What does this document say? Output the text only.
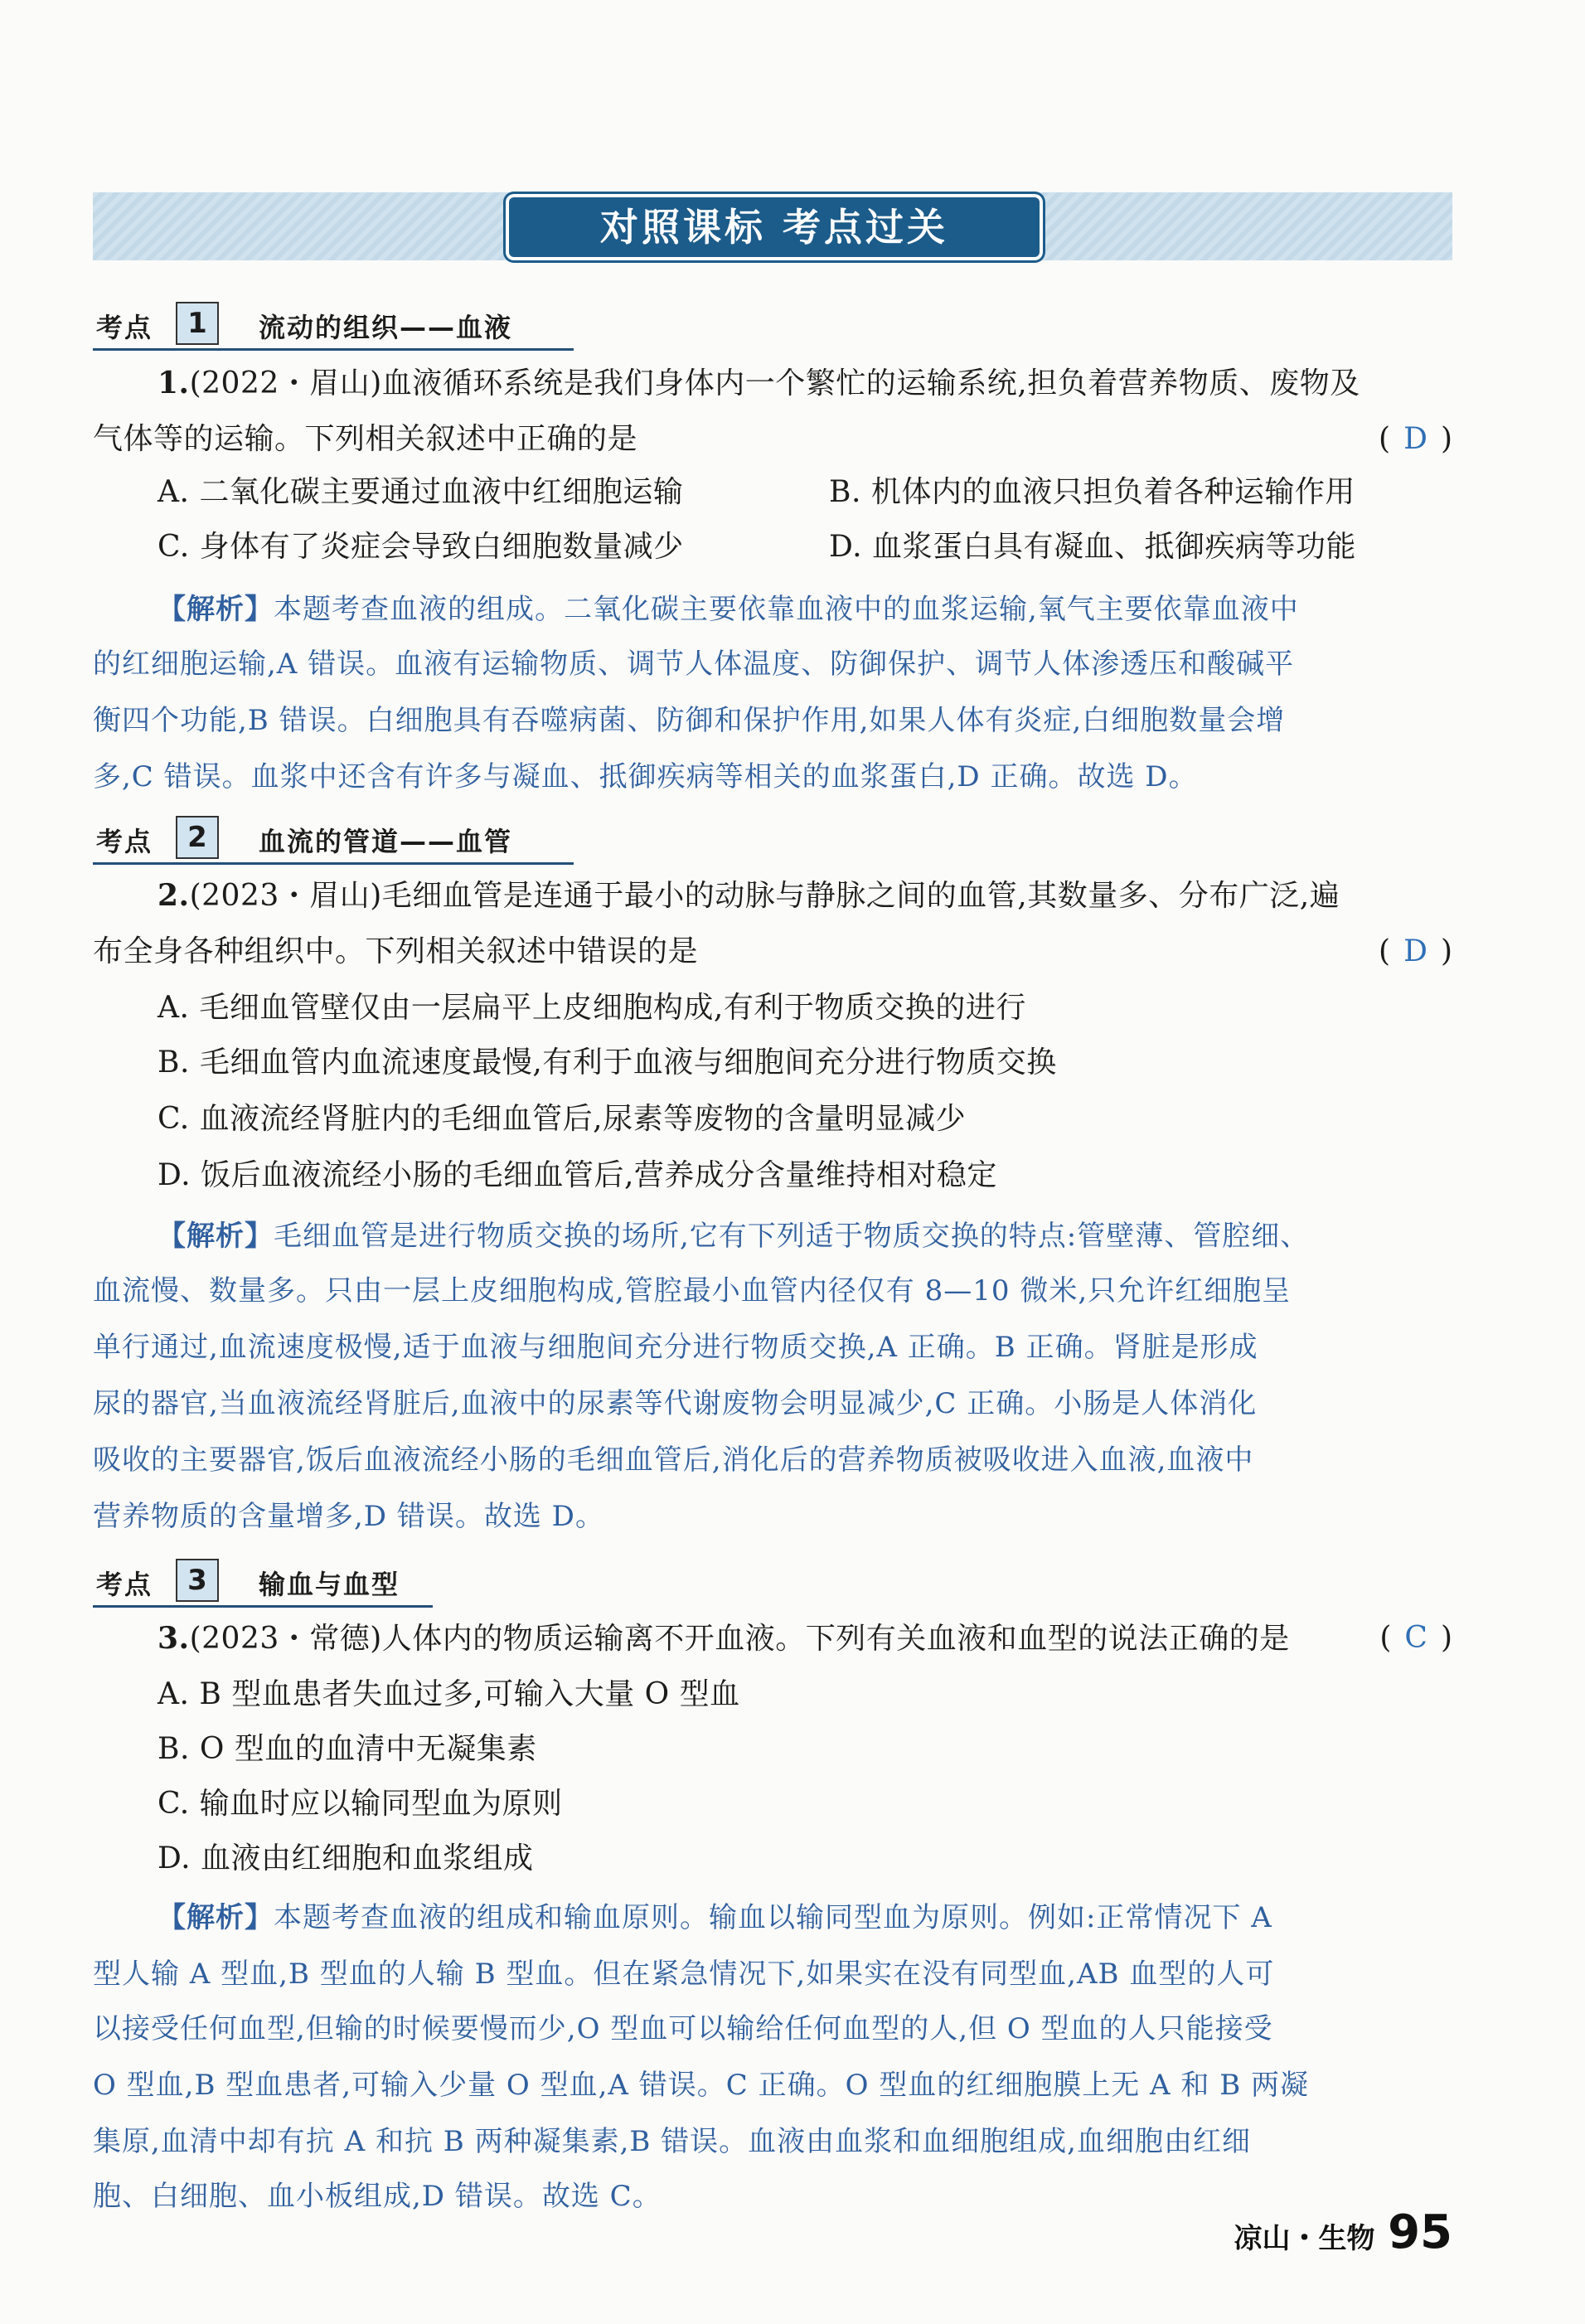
对照课标 考点过关
考点	1	流动的组织——血液
1.(2022・眉山)血液循环系统是我们身体内一个繁忙的运输系统,担负着营养物质、废物及
气体等的运输。下列相关叙述中正确的是	( D )
A. 二氧化碳主要通过血液中红细胞运输	B. 机体内的血液只担负着各种运输作用
C. 身体有了炎症会导致白细胞数量减少	D. 血浆蛋白具有凝血、抵御疾病等功能
【解析】本题考查血液的组成。二氧化碳主要依靠血液中的血浆运输,氧气主要依靠血液中
的红细胞运输,A 错误。血液有运输物质、调节人体温度、防御保护、调节人体渗透压和酸碱平
衡四个功能,B 错误。白细胞具有吞噬病菌、防御和保护作用,如果人体有炎症,白细胞数量会增
多,C 错误。血浆中还含有许多与凝血、抵御疾病等相关的血浆蛋白,D 正确。故选 D。
考点	2	血流的管道——血管
2.(2023・眉山)毛细血管是连通于最小的动脉与静脉之间的血管,其数量多、分布广泛,遍
布全身各种组织中。下列相关叙述中错误的是	( D )
A. 毛细血管壁仅由一层扁平上皮细胞构成,有利于物质交换的进行
B. 毛细血管内血流速度最慢,有利于血液与细胞间充分进行物质交换
C. 血液流经肾脏内的毛细血管后,尿素等废物的含量明显减少
D. 饭后血液流经小肠的毛细血管后,营养成分含量维持相对稳定
【解析】毛细血管是进行物质交换的场所,它有下列适于物质交换的特点:管壁薄、管腔细、
血流慢、数量多。只由一层上皮细胞构成,管腔最小血管内径仅有 8—10 微米,只允许红细胞呈
单行通过,血流速度极慢,适于血液与细胞间充分进行物质交换,A 正确。B 正确。肾脏是形成
尿的器官,当血液流经肾脏后,血液中的尿素等代谢废物会明显减少,C 正确。小肠是人体消化
吸收的主要器官,饭后血液流经小肠的毛细血管后,消化后的营养物质被吸收进入血液,血液中
营养物质的含量增多,D 错误。故选 D。
考点	3	输血与血型
3.(2023・常德)人体内的物质运输离不开血液。下列有关血液和血型的说法正确的是	( C )
A. B 型血患者失血过多,可输入大量 O 型血
B. O 型血的血清中无凝集素
C. 输血时应以输同型血为原则
D. 血液由红细胞和血浆组成
【解析】本题考查血液的组成和输血原则。输血以输同型血为原则。例如:正常情况下 A
型人输 A 型血,B 型血的人输 B 型血。但在紧急情况下,如果实在没有同型血,AB 血型的人可
以接受任何血型,但输的时候要慢而少,O 型血可以输给任何血型的人,但 O 型血的人只能接受
O 型血,B 型血患者,可输入少量 O 型血,A 错误。C 正确。O 型血的红细胞膜上无 A 和 B 两凝
集原,血清中却有抗 A 和抗 B 两种凝集素,B 错误。血液由血浆和血细胞组成,血细胞由红细
胞、白细胞、血小板组成,D 错误。故选 C。
凉山・生物 95
